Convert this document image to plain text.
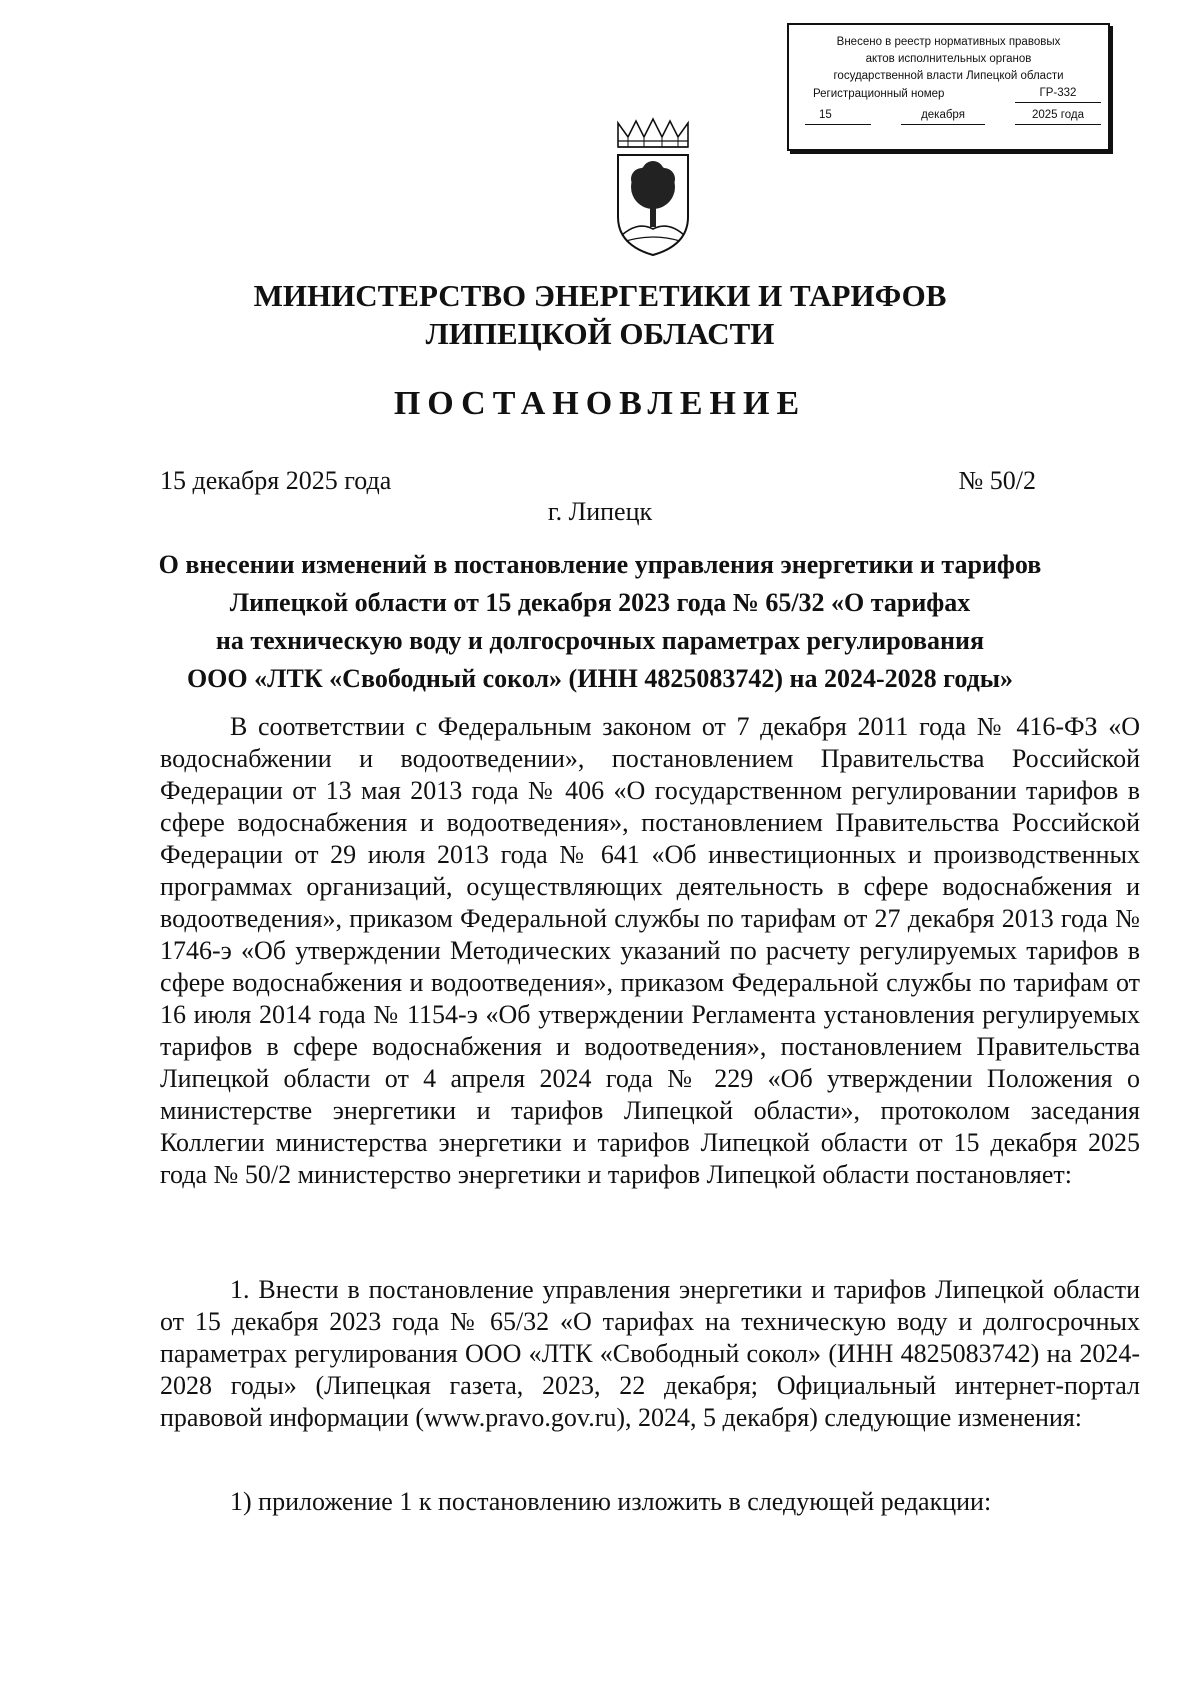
Внесено в реестр нормативных правовых
актов исполнительных органов
государственной власти Липецкой области
Регистрационный номер	ГР-332
15	декабря	2025 года
МИНИСТЕРСТВО ЭНЕРГЕТИКИ И ТАРИФОВ
ЛИПЕЦКОЙ ОБЛАСТИ
ПОСТАНОВЛЕНИЕ
15 декабря 2025 года	№ 50/2
г. Липецк
О внесении изменений в постановление управления энергетики и тарифов
Липецкой области от 15 декабря 2023 года № 65/32 «О тарифах
на техническую воду и долгосрочных параметрах регулирования
ООО «ЛТК «Свободный сокол» (ИНН 4825083742) на 2024-2028 годы»

В соответствии с Федеральным законом от 7 декабря 2011 года № 416-ФЗ «О водоснабжении и водоотведении», постановлением Правительства Российской Федерации от 13 мая 2013 года № 406 «О государственном регулировании тарифов в сфере водоснабжения и водоотведения», постановлением Правительства Российской Федерации от 29 июля 2013 года № 641 «Об инвестиционных и производственных программах организаций, осуществляющих деятельность в сфере водоснабжения и водоотведения», приказом Федеральной службы по тарифам от 27 декабря 2013 года № 1746-э «Об утверждении Методических указаний по расчету регулируемых тарифов в сфере водоснабжения и водоотведения», приказом Федеральной службы по тарифам от 16 июля 2014 года № 1154-э «Об утверждении Регламента установления регулируемых тарифов в сфере водоснабжения и водоотведения», постановлением Правительства Липецкой области от 4 апреля 2024 года № 229 «Об утверждении Положения о министерстве энергетики и тарифов Липецкой области», протоколом заседания Коллегии министерства энергетики и тарифов Липецкой области от 15 декабря 2025 года № 50/2 министерство энергетики и тарифов Липецкой области постановляет:

1. Внести в постановление управления энергетики и тарифов Липецкой области от 15 декабря 2023 года № 65/32 «О тарифах на техническую воду и долгосрочных параметрах регулирования ООО «ЛТК «Свободный сокол» (ИНН 4825083742) на 2024-2028 годы» (Липецкая газета, 2023, 22 декабря; Официальный интернет-портал правовой информации (www.pravo.gov.ru), 2024, 5 декабря) следующие изменения:

1) приложение 1 к постановлению изложить в следующей редакции:
